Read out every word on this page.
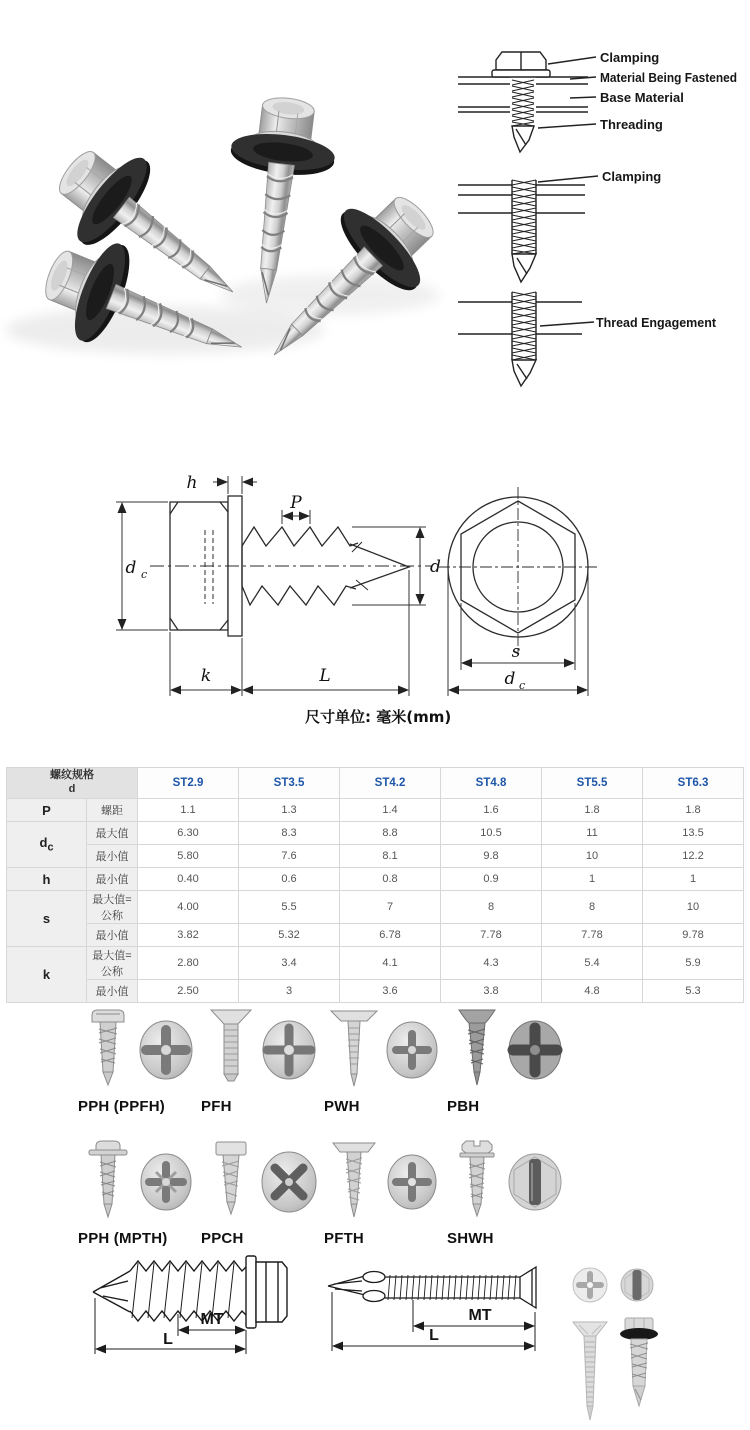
Clamping
Material Being Fastened
Base Material
Threading
Clamping
Thread Engagement
h
P
d c	d
k	L
s
d c
尺寸单位: 毫米(mm)
螺纹规格
d		ST2.9	ST3.5	ST4.2	ST4.8	ST5.5	ST6.3
P	螺距	1.1	1.3	1.4	1.6	1.8	1.8
$d_c$	最大值	6.30	8.3	8.8	10.5	11	13.5
	最小值	5.80	7.6	8.1	9.8	10	12.2
h	最小值	0.40	0.6	0.8	0.9	1	1
s	最大值=公称	4.00	5.5	7	8	8	10
	最小值	3.82	5.32	6.78	7.78	7.78	9.78
k	最大值=公称	2.80	3.4	4.1	4.3	5.4	5.9
	最小值	2.50	3	3.6	3.8	4.8	5.3
PPH (PPFH)	PFH	PWH	PBH
PPH (MPTH)	PPCH	PFTH	SHWH
MT
L
MT
L
